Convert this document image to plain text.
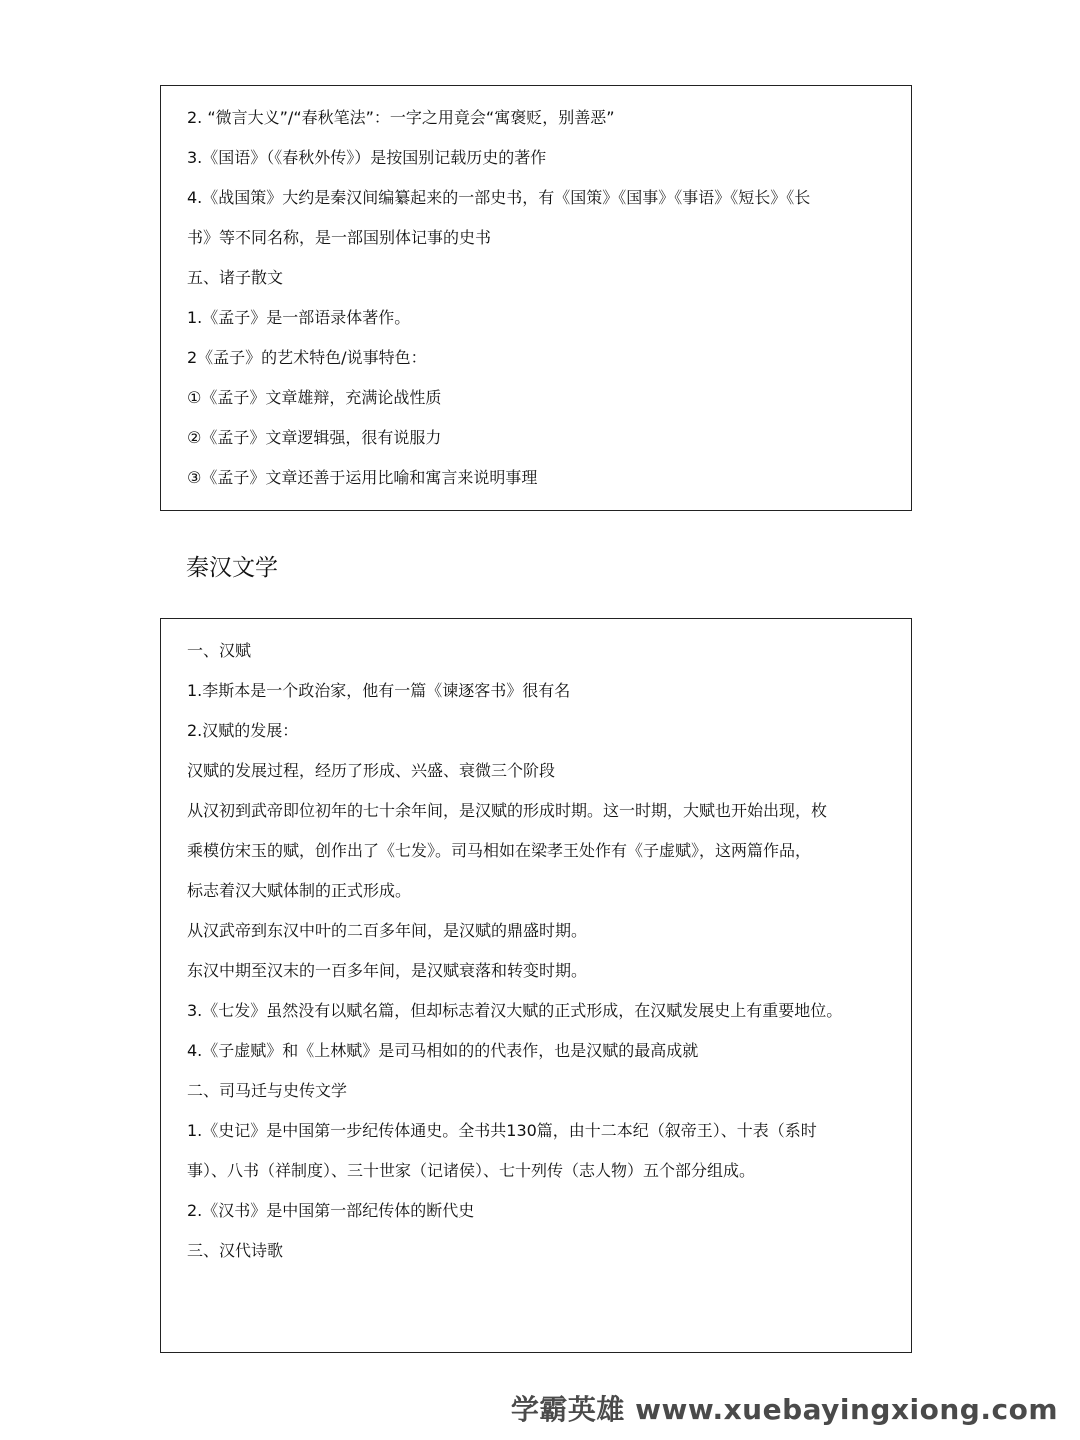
2. “微言大义”/“春秋笔法”：一字之用竟会“寓褒贬，别善恶”
3.《国语》（《春秋外传》）是按国别记载历史的著作
4.《战国策》大约是秦汉间编纂起来的一部史书，有《国策》《国事》《事语》《短长》《长
书》等不同名称，是一部国别体记事的史书
五、诸子散文
1.《孟子》是一部语录体著作。
2《孟子》的艺术特色/说事特色：
①《孟子》文章雄辩，充满论战性质
②《孟子》文章逻辑强，很有说服力
③《孟子》文章还善于运用比喻和寓言来说明事理
秦汉文学
一、汉赋
1.李斯本是一个政治家，他有一篇《谏逐客书》很有名
2.汉赋的发展：
汉赋的发展过程，经历了形成、兴盛、衰微三个阶段
从汉初到武帝即位初年的七十余年间，是汉赋的形成时期。这一时期，大赋也开始出现，枚
乘模仿宋玉的赋，创作出了《七发》。司马相如在梁孝王处作有《子虚赋》，这两篇作品，
标志着汉大赋体制的正式形成。
从汉武帝到东汉中叶的二百多年间，是汉赋的鼎盛时期。
东汉中期至汉末的一百多年间，是汉赋衰落和转变时期。
3.《七发》虽然没有以赋名篇，但却标志着汉大赋的正式形成，在汉赋发展史上有重要地位。
4.《子虚赋》和《上林赋》是司马相如的的代表作，也是汉赋的最高成就
二、司马迁与史传文学
1.《史记》是中国第一步纪传体通史。全书共130篇，由十二本纪（叙帝王）、十表（系时
事）、八书（祥制度）、三十世家（记诸侯）、七十列传（志人物）五个部分组成。
2.《汉书》是中国第一部纪传体的断代史
三、汉代诗歌
学霸英雄 www.xuebayingxiong.com
